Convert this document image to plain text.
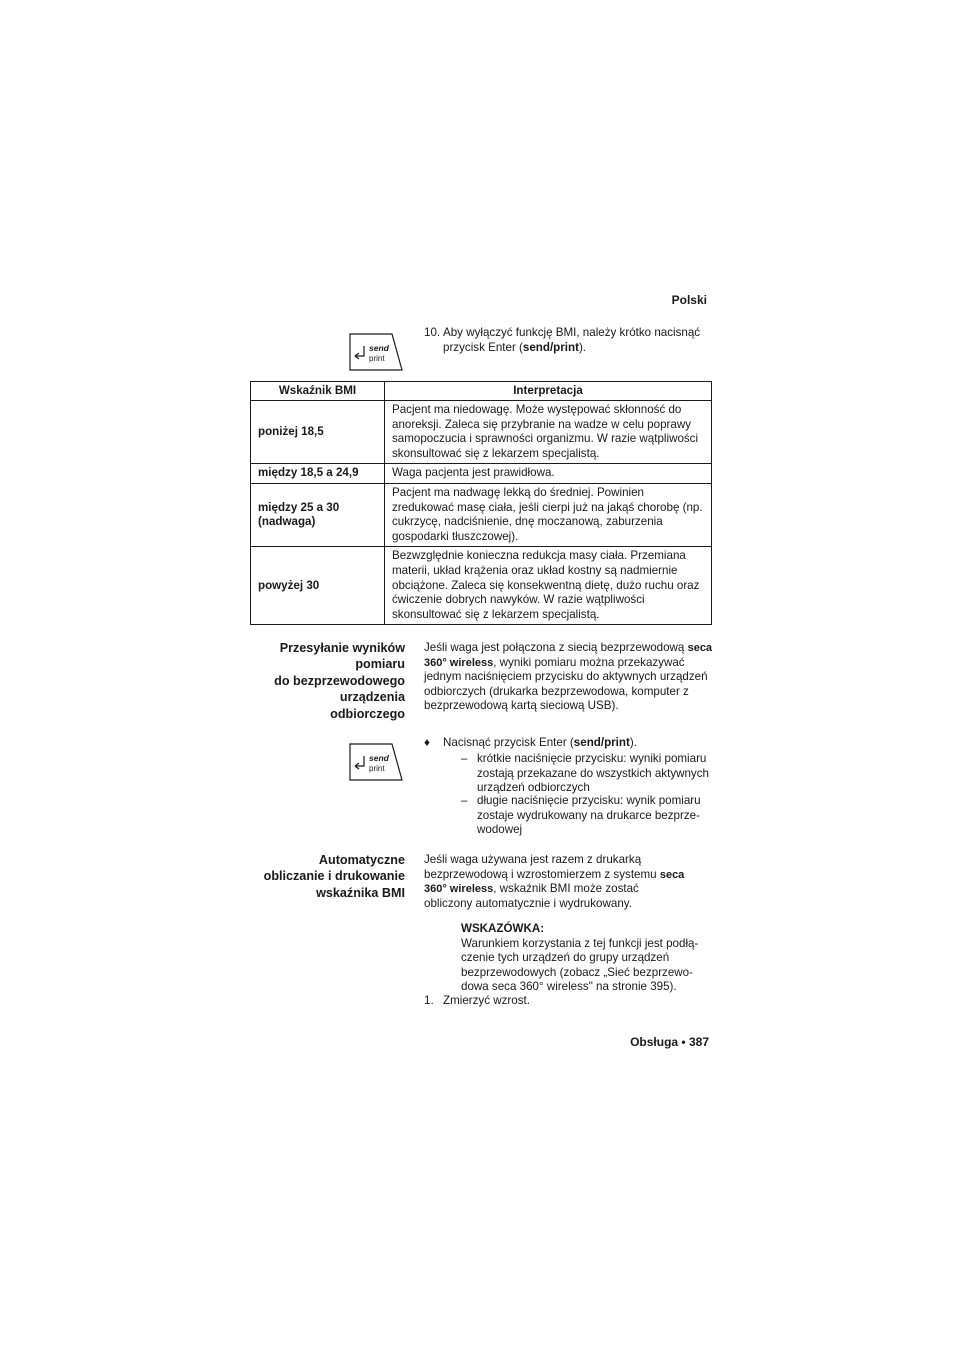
Polski
send
print
10. Aby wyłączyć funkcję BMI, należy krótko nacisnąć przycisk Enter (send/print).
Wskaźnik BMI	Interpretacja
poniżej 18,5	Pacjent ma niedowagę. Może występować skłonność do anoreksji. Zaleca się przybranie na wadze w celu poprawy samopoczucia i sprawności organizmu. W razie wątpliwości skonsultować się z lekarzem specjalistą.
między 18,5 a 24,9	Waga pacjenta jest prawidłowa.
między 25 a 30 (nadwaga)	Pacjent ma nadwagę lekką do średniej. Powinien zredukować masę ciała, jeśli cierpi już na jakąś chorobę (np. cukrzycę, nadciśnienie, dnę moczanową, zaburzenia gospodarki tłuszczowej).
powyżej 30	Bezwzględnie konieczna redukcja masy ciała. Przemiana materii, układ krążenia oraz układ kostny są nadmiernie obciążone. Zaleca się konsekwentną dietę, dużo ruchu oraz ćwiczenie dobrych nawyków. W razie wątpliwości skonsultować się z lekarzem specjalistą.
Przesyłanie wyników
pomiaru
do bezprzewodowego
urządzenia
odbiorczego
Jeśli waga jest połączona z siecią bezprzewodową seca 360° wireless, wyniki pomiaru można przekazywać jednym naciśnięciem przycisku do aktywnych urządzeń odbiorczych (drukarka bezprzewodowa, komputer z bezprzewodową kartą sieciową USB).
send
print
♦	Nacisnąć przycisk Enter (send/print).
– krótkie naciśnięcie przycisku: wyniki pomiaru zostają przekazane do wszystkich aktywnych urządzeń odbiorczych
– długie naciśnięcie przycisku: wynik pomiaru zostaje wydrukowany na drukarce bezprze-wodowej
Automatyczne
obliczanie i drukowanie
wskaźnika BMI
Jeśli waga używana jest razem z drukarką bezprzewodową i wzrostomierzem z systemu seca 360° wireless, wskaźnik BMI może zostać obliczony automatycznie i wydrukowany.
WSKAZÓWKA:
Warunkiem korzystania z tej funkcji jest podłą-czenie tych urządzeń do grupy urządzeń bezprzewodowych (zobacz „Sieć bezprzewo-dowa seca 360° wireless" na stronie 395).
1. Zmierzyć wzrost.
Obsługa • 387
